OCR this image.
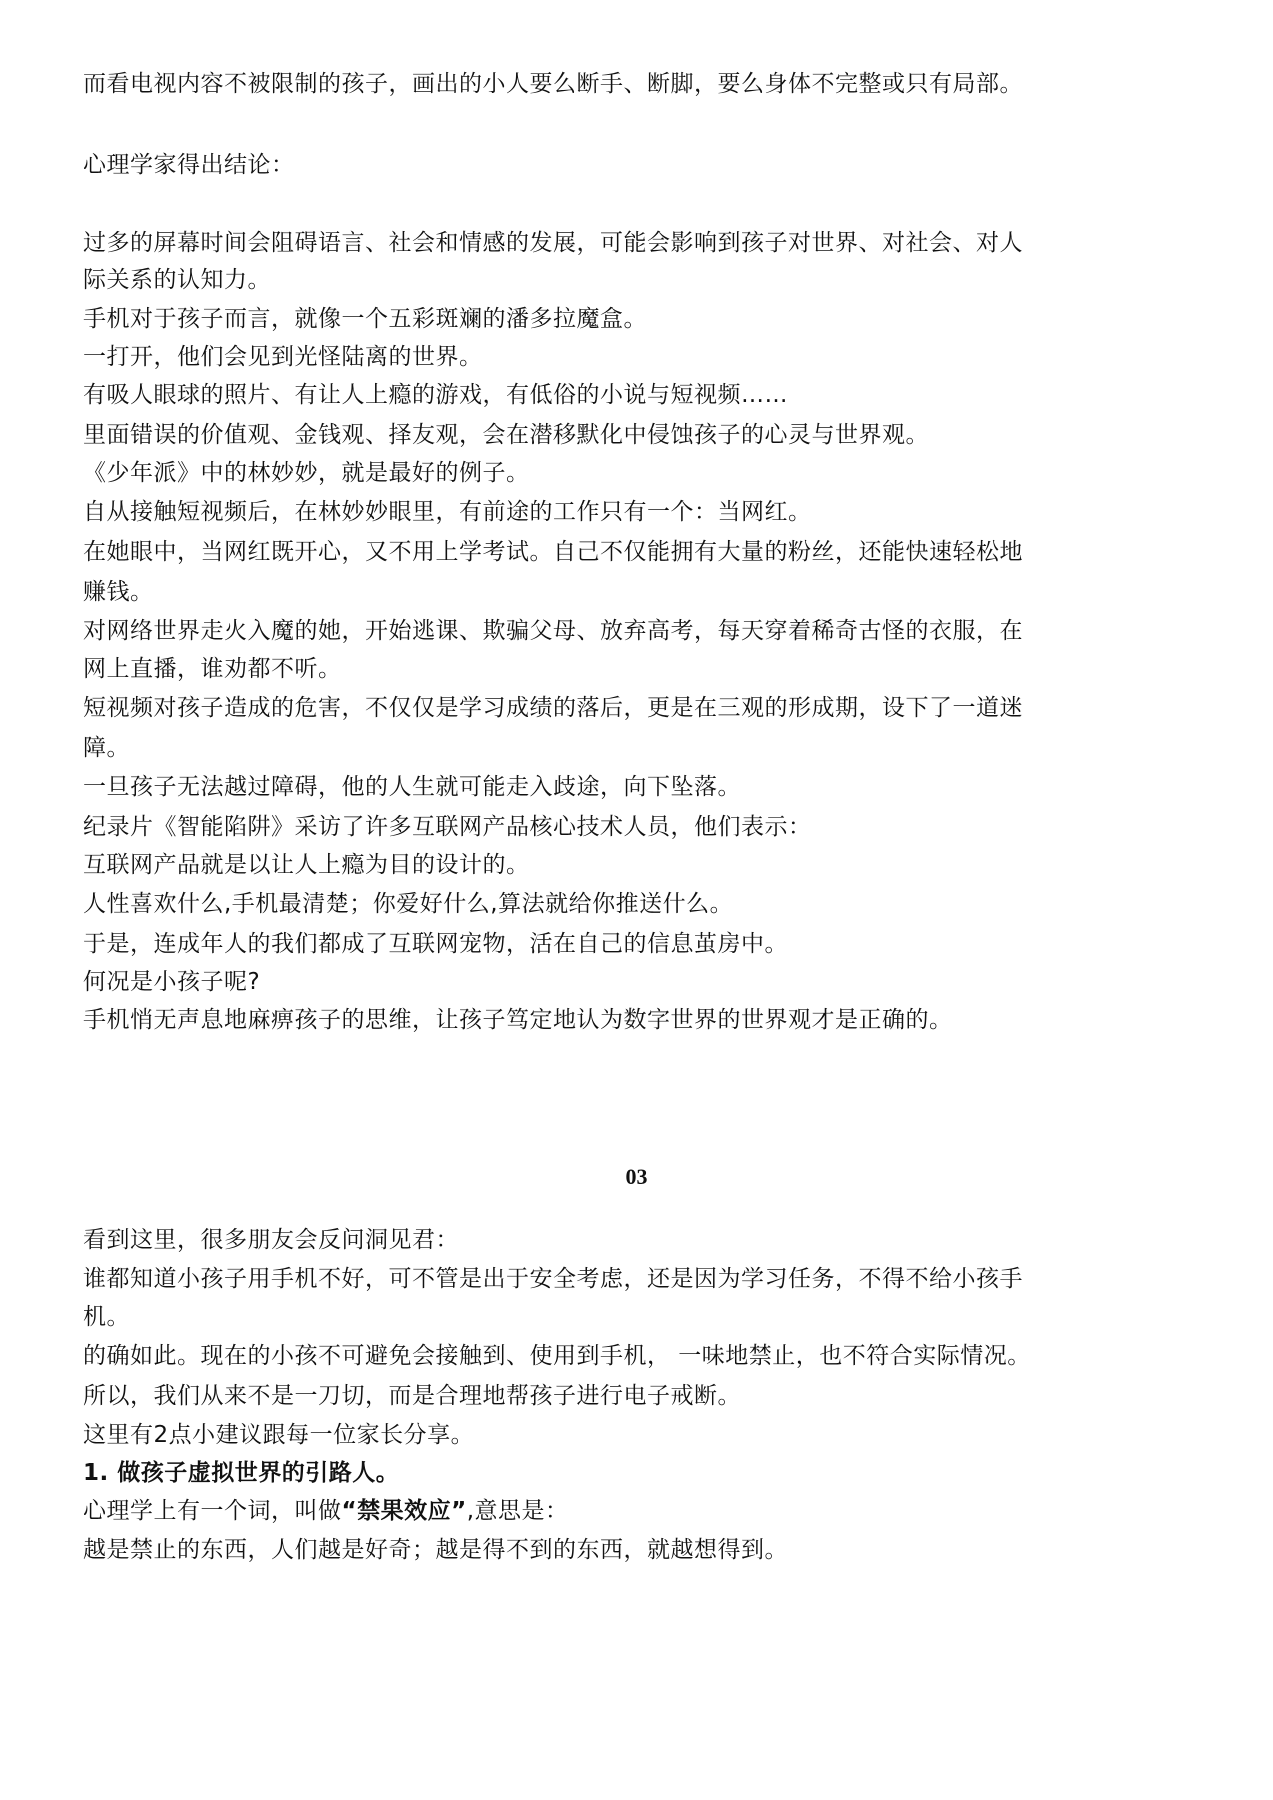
而看电视内容不被限制的孩子，画出的小人要么断手、断脚，要么身体不完整或只有局部。
心理学家得出结论：
过多的屏幕时间会阻碍语言、社会和情感的发展，可能会影响到孩子对世界、对社会、对人
际关系的认知力。
手机对于孩子而言，就像一个五彩斑斓的潘多拉魔盒。
一打开，他们会见到光怪陆离的世界。
有吸人眼球的照片、有让人上瘾的游戏，有低俗的小说与短视频……
里面错误的价值观、金钱观、择友观，会在潜移默化中侵蚀孩子的心灵与世界观。
《少年派》中的林妙妙，就是最好的例子。
自从接触短视频后，在林妙妙眼里，有前途的工作只有一个：当网红。
在她眼中，当网红既开心，又不用上学考试。自己不仅能拥有大量的粉丝，还能快速轻松地
赚钱。
对网络世界走火入魔的她，开始逃课、欺骗父母、放弃高考，每天穿着稀奇古怪的衣服，在
网上直播，谁劝都不听。
短视频对孩子造成的危害，不仅仅是学习成绩的落后，更是在三观的形成期，设下了一道迷
障。
一旦孩子无法越过障碍，他的人生就可能走入歧途，向下坠落。
纪录片《智能陷阱》采访了许多互联网产品核心技术人员，他们表示：
互联网产品就是以让人上瘾为目的设计的。
人性喜欢什么,手机最清楚；你爱好什么,算法就给你推送什么。
于是，连成年人的我们都成了互联网宠物，活在自己的信息茧房中。
何况是小孩子呢?
手机悄无声息地麻痹孩子的思维，让孩子笃定地认为数字世界的世界观才是正确的。
03
看到这里，很多朋友会反问洞见君：
谁都知道小孩子用手机不好，可不管是出于安全考虑，还是因为学习任务，不得不给小孩手
机。
的确如此。现在的小孩不可避免会接触到、使用到手机， 一味地禁止，也不符合实际情况。
所以，我们从来不是一刀切，而是合理地帮孩子进行电子戒断。
这里有2点小建议跟每一位家长分享。
1. 做孩子虚拟世界的引路人。
心理学上有一个词，叫做“禁果效应”,意思是：
越是禁止的东西，人们越是好奇；越是得不到的东西，就越想得到。
